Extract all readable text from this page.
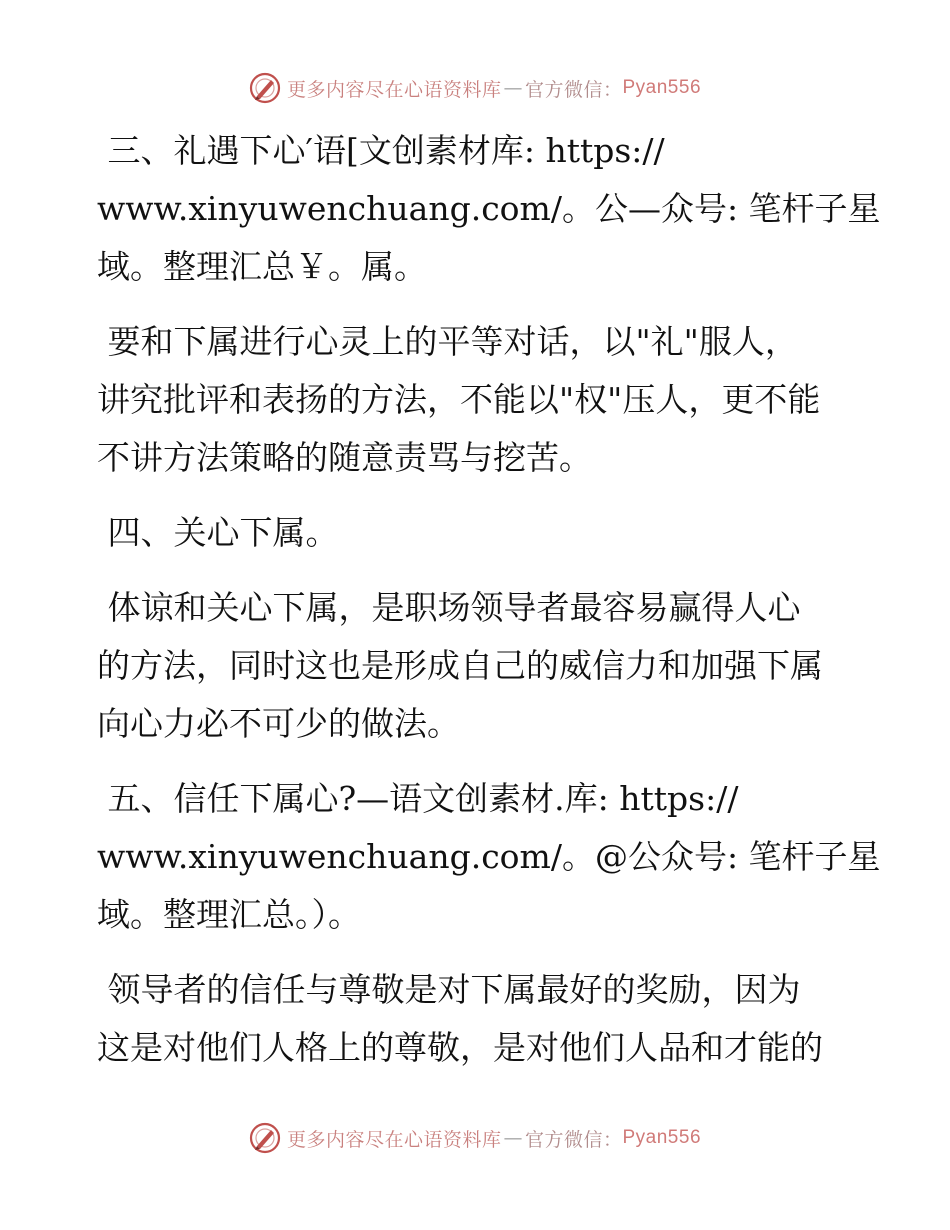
更多内容尽在心语资料库 — 官方微信： Pyan556

三、礼遇下心′语[文创素材库: https://
www.xinyuwenchuang.com/。公—众号: 笔杆子星
域。整理汇总￥。属。

要和下属进行心灵上的平等对话，以"礼"服人，
讲究批评和表扬的方法，不能以"权"压人，更不能
不讲方法策略的随意责骂与挖苦。

四、关心下属。

体谅和关心下属，是职场领导者最容易赢得人心
的方法，同时这也是形成自己的威信力和加强下属
向心力必不可少的做法。

五、信任下属心?—语文创素材.库: https://
www.xinyuwenchuang.com/。@公众号: 笔杆子星
域。整理汇总。）。

领导者的信任与尊敬是对下属最好的奖励，因为
这是对他们人格上的尊敬，是对他们人品和才能的

更多内容尽在心语资料库 — 官方微信： Pyan556
